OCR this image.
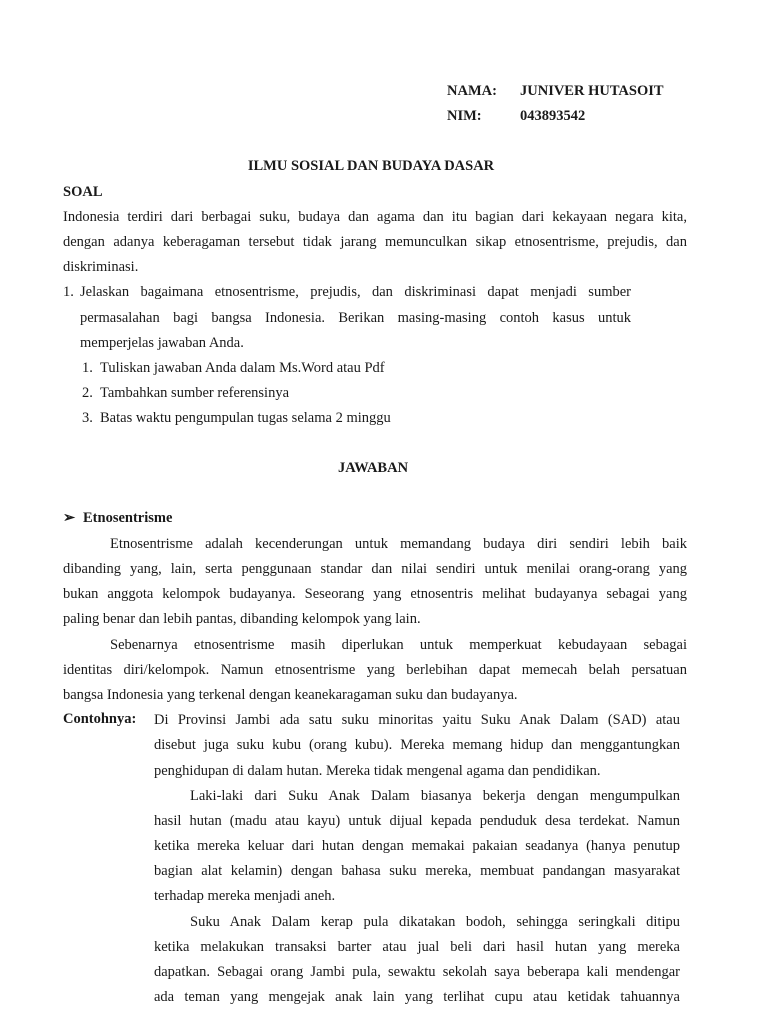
NAMA: JUNIVER HUTASOIT
NIM:	043893542
ILMU SOSIAL DAN BUDAYA DASAR
SOAL
Indonesia terdiri dari berbagai suku, budaya dan agama dan itu bagian dari kekayaan negara kita,
dengan adanya keberagaman tersebut tidak jarang memunculkan sikap etnosentrisme, prejudis, dan
diskriminasi.
1. Jelaskan bagaimana etnosentrisme, prejudis, dan diskriminasi dapat menjadi sumber
permasalahan bagi bangsa Indonesia. Berikan masing-masing contoh kasus untuk
memperjelas jawaban Anda.
1. Tuliskan jawaban Anda dalam Ms.Word atau Pdf
2. Tambahkan sumber referensinya
3. Batas waktu pengumpulan tugas selama 2 minggu
JAWABAN
➢ Etnosentrisme
Etnosentrisme adalah kecenderungan untuk memandang budaya diri sendiri lebih baik
dibanding yang, lain, serta penggunaan standar dan nilai sendiri untuk menilai orang-orang yang
bukan anggota kelompok budayanya. Seseorang yang etnosentris melihat budayanya sebagai yang
paling benar dan lebih pantas, dibanding kelompok yang lain.
Sebenarnya etnosentrisme masih diperlukan untuk memperkuat kebudayaan sebagai
identitas diri/kelompok. Namun etnosentrisme yang berlebihan dapat memecah belah persatuan
bangsa Indonesia yang terkenal dengan keanekaragaman suku dan budayanya.
Contohnya: Di Provinsi Jambi ada satu suku minoritas yaitu Suku Anak Dalam (SAD) atau
disebut juga suku kubu (orang kubu). Mereka memang hidup dan menggantungkan
penghidupan di dalam hutan. Mereka tidak mengenal agama dan pendidikan.
Laki-laki dari Suku Anak Dalam biasanya bekerja dengan mengumpulkan
hasil hutan (madu atau kayu) untuk dijual kepada penduduk desa terdekat. Namun
ketika mereka keluar dari hutan dengan memakai pakaian seadanya (hanya penutup
bagian alat kelamin) dengan bahasa suku mereka, membuat pandangan masyarakat
terhadap mereka menjadi aneh.
Suku Anak Dalam kerap pula dikatakan bodoh, sehingga seringkali ditipu
ketika melakukan transaksi barter atau jual beli dari hasil hutan yang mereka
dapatkan. Sebagai orang Jambi pula, sewaktu sekolah saya beberapa kali mendengar
ada teman yang mengejak anak lain yang terlihat cupu atau ketidak tahuannya
